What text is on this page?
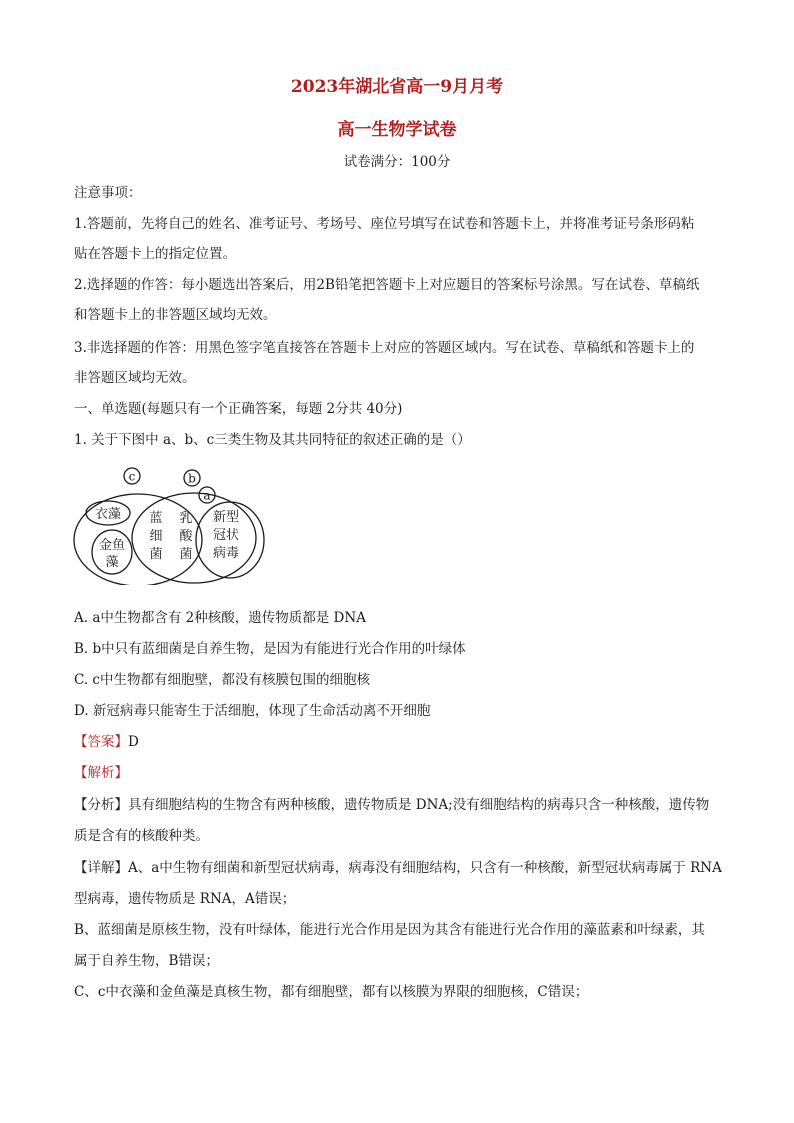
2023年湖北省高一9月月考
高一生物学试卷
试卷满分：100分
注意事项：
1.答题前，先将自己的姓名、准考证号、考场号、座位号填写在试卷和答题卡上，并将准考证号条形码粘
贴在答题卡上的指定位置。
2.选择题的作答：每小题选出答案后，用2B铅笔把答题卡上对应题目的答案标号涂黑。写在试卷、草稿纸
和答题卡上的非答题区域均无效。
3.非选择题的作答：用黑色签字笔直接答在答题卡上对应的答题区域内。写在试卷、草稿纸和答题卡上的
非答题区域均无效。
一、单选题(每题只有一个正确答案，每题 2分共 40分)
1. 关于下图中 a、b、c三类生物及其共同特征的叙述正确的是（）
c	b
a
衣藻
金鱼
藻
蓝
细
菌
乳
酸
菌
新型
冠状
病毒
A. a中生物都含有 2种核酸，遗传物质都是 DNA
B. b中只有蓝细菌是自养生物，是因为有能进行光合作用的叶绿体
C. c中生物都有细胞壁，都没有核膜包围的细胞核
D. 新冠病毒只能寄生于活细胞，体现了生命活动离不开细胞
【答案】D
【解析】
【分析】具有细胞结构的生物含有两种核酸，遗传物质是 DNA;没有细胞结构的病毒只含一种核酸，遗传物
质是含有的核酸种类。
【详解】A、a中生物有细菌和新型冠状病毒，病毒没有细胞结构，只含有一种核酸，新型冠状病毒属于 RNA
型病毒，遗传物质是 RNA，A错误；
B、蓝细菌是原核生物，没有叶绿体，能进行光合作用是因为其含有能进行光合作用的藻蓝素和叶绿素，其
属于自养生物，B错误；
C、c中衣藻和金鱼藻是真核生物，都有细胞壁，都有以核膜为界限的细胞核，C错误；
